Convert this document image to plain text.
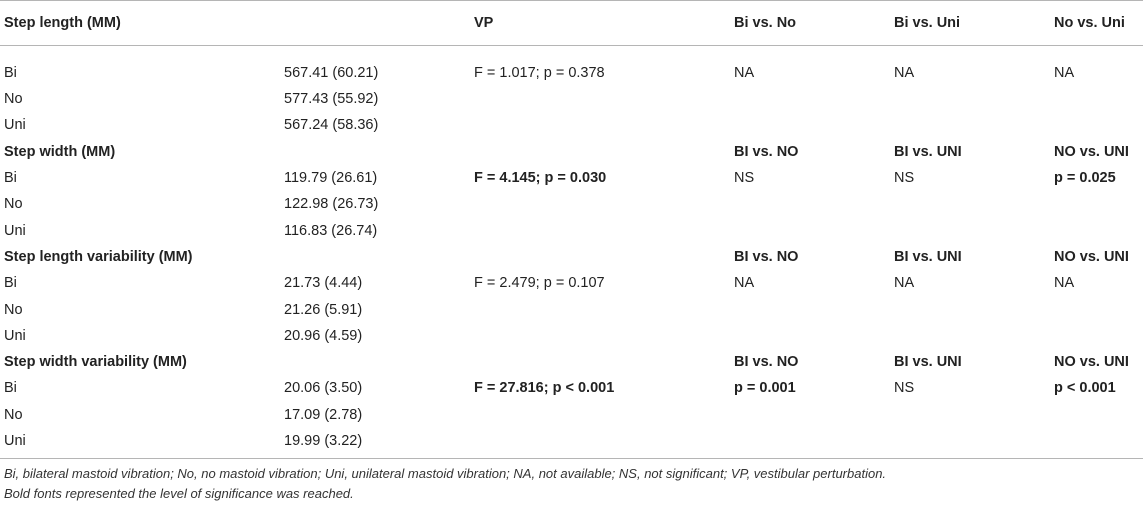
Step length (MM)		VP	Bi vs. No	Bi vs. Uni	No vs. Uni
Bi	567.41 (60.21)	F = 1.017; p = 0.378	NA	NA	NA
No	577.43 (55.92)				
Uni	567.24 (58.36)				
Step width (MM)			BI vs. NO	BI vs. UNI	NO vs. UNI
Bi	119.79 (26.61)	F = 4.145; p = 0.030	NS	NS	p = 0.025
No	122.98 (26.73)				
Uni	116.83 (26.74)				
Step length variability (MM)			BI vs. NO	BI vs. UNI	NO vs. UNI
Bi	21.73 (4.44)	F = 2.479; p = 0.107	NA	NA	NA
No	21.26 (5.91)				
Uni	20.96 (4.59)				
Step width variability (MM)			BI vs. NO	BI vs. UNI	NO vs. UNI
Bi	20.06 (3.50)	F = 27.816; p < 0.001	p = 0.001	NS	p < 0.001
No	17.09 (2.78)				
Uni	19.99 (3.22)				
Bi, bilateral mastoid vibration; No, no mastoid vibration; Uni, unilateral mastoid vibration; NA, not available; NS, not significant; VP, vestibular perturbation.
Bold fonts represented the level of significance was reached.
